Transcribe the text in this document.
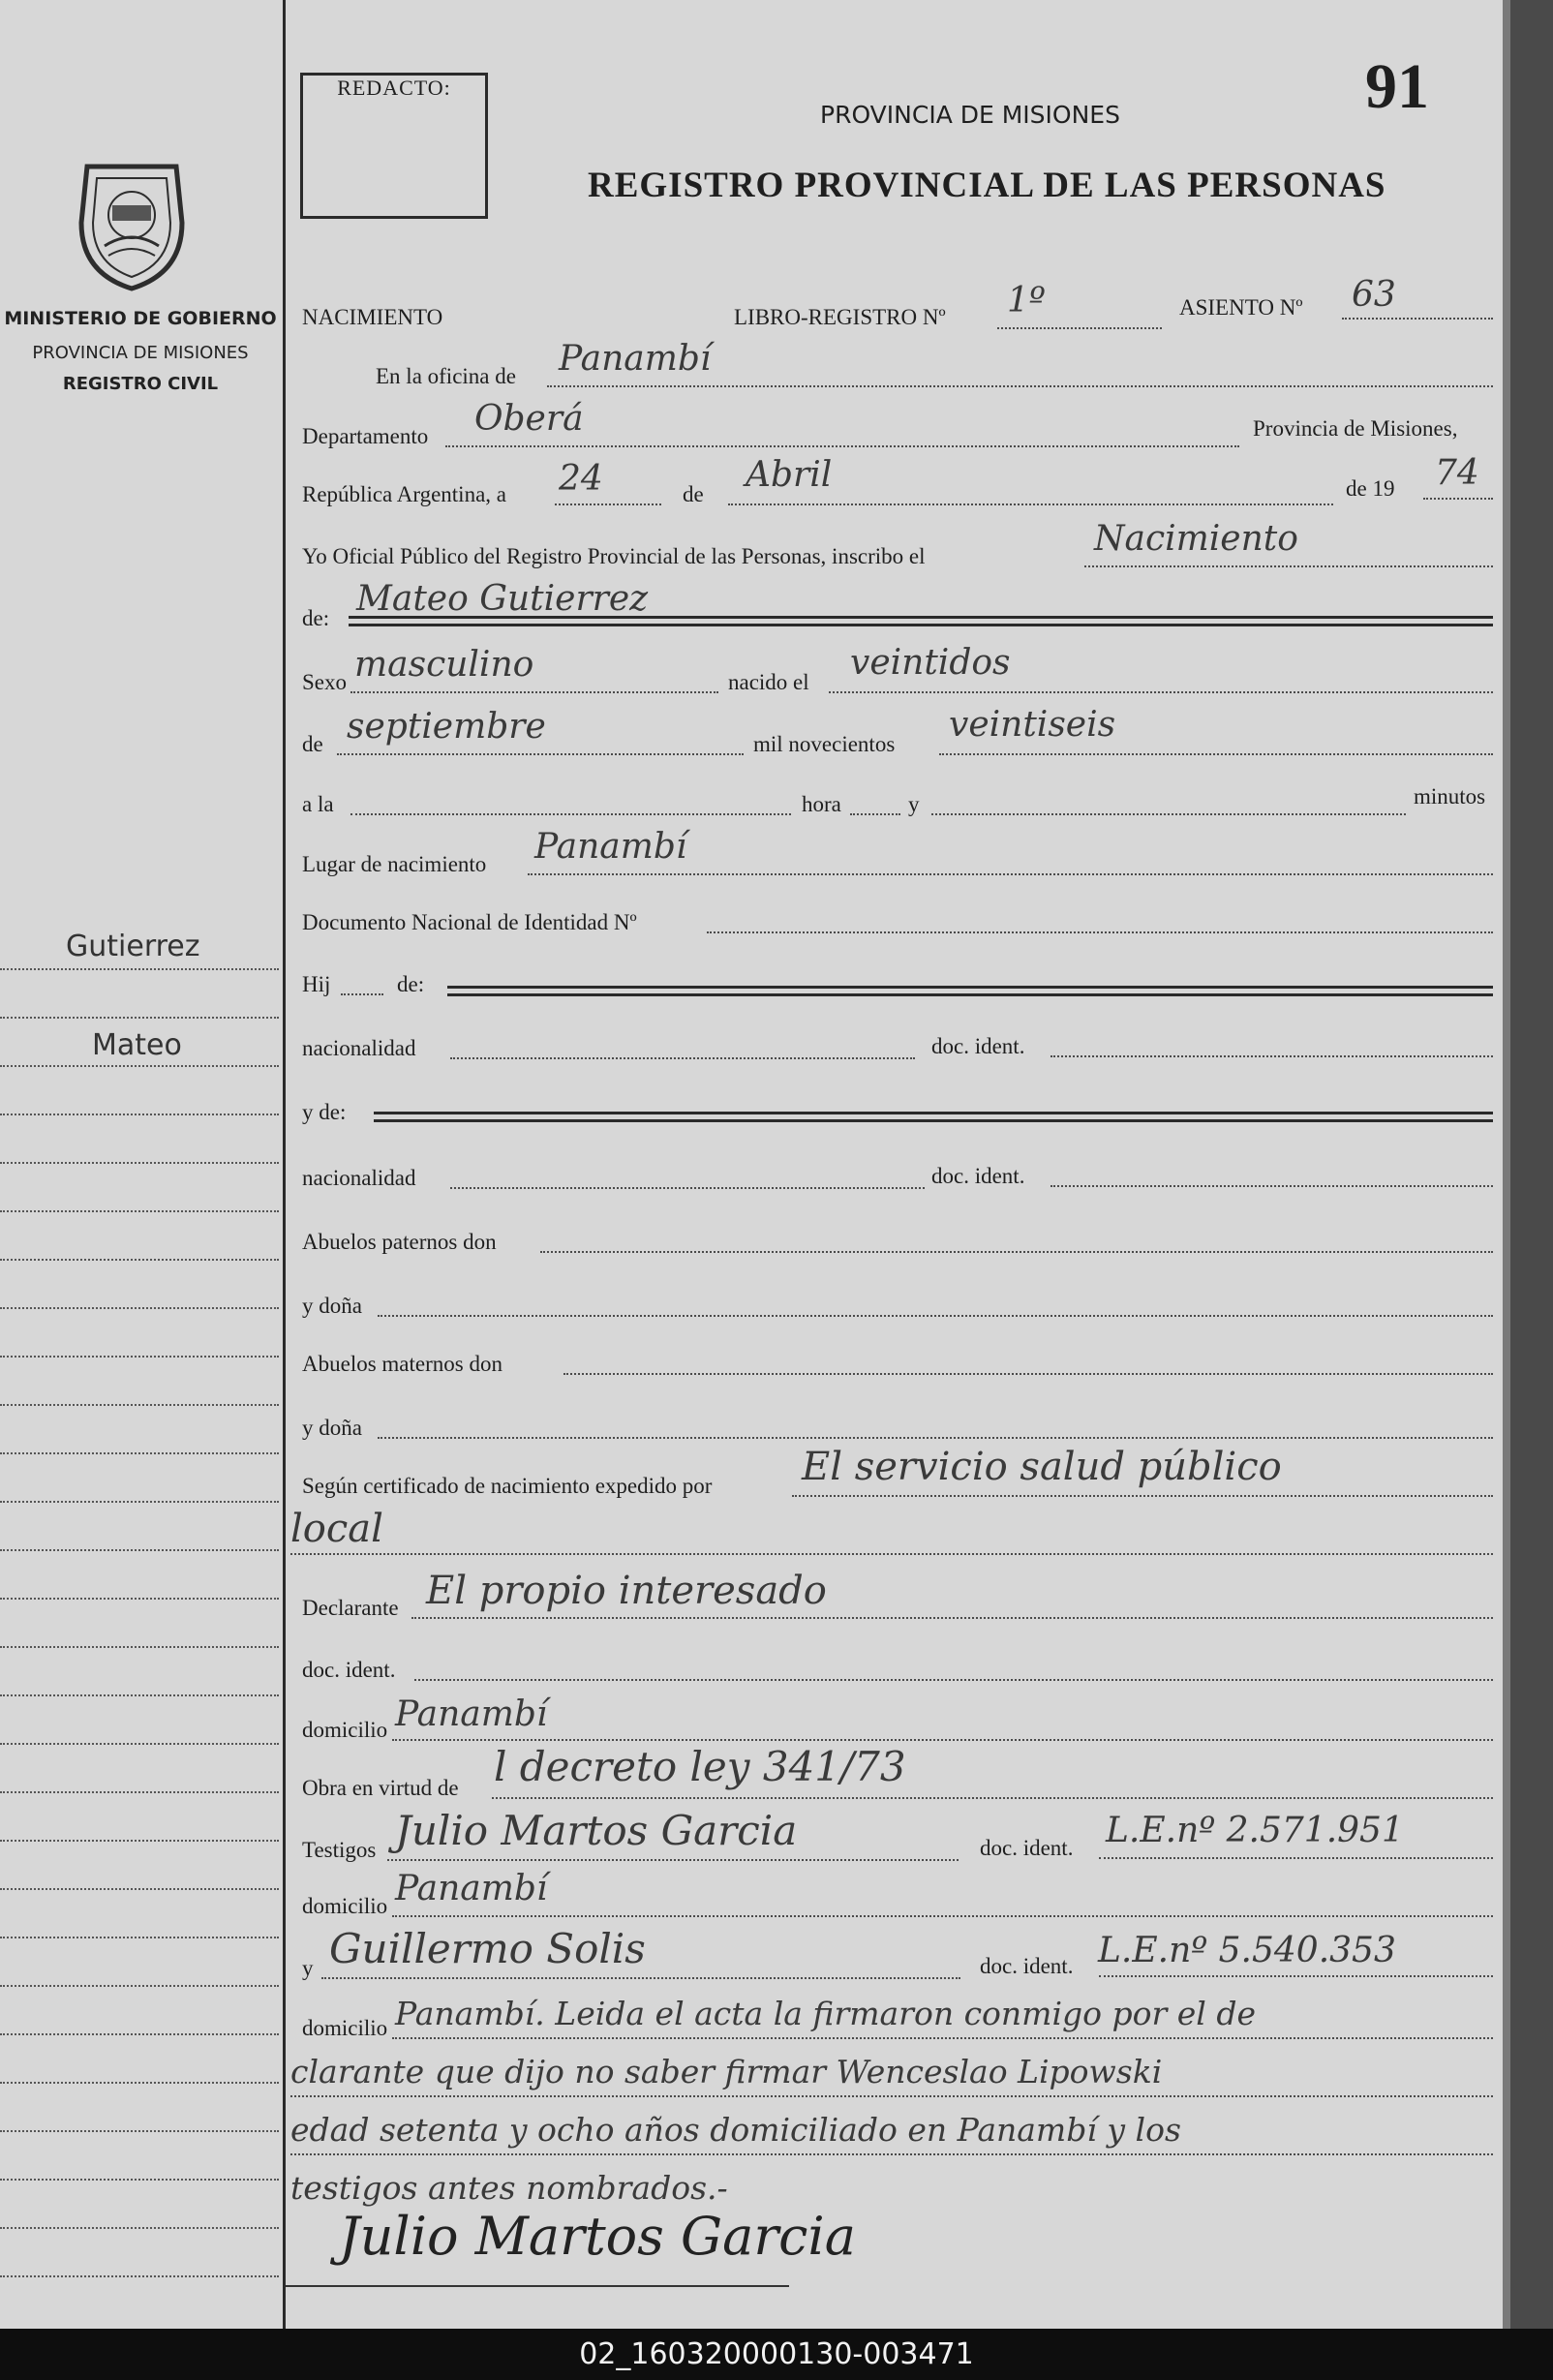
MINISTERIO DE GOBIERNO
PROVINCIA DE MISIONES
REGISTRO CIVIL
Gutierrez
Mateo
REDACTO:	91
PROVINCIA DE MISIONES
REGISTRO PROVINCIAL DE LAS PERSONAS
NACIMIENTO	LIBRO-REGISTRO Nº 1º	ASIENTO Nº 63
En la oficina de Panambí
Departamento Oberá	Provincia de Misiones,
República Argentina, a 24	de Abril	de 19 74
Yo Oficial Público del Registro Provincial de las Personas, inscribo el	Nacimiento
de: Mateo Gutierrez
Sexo masculino	nacido el veintidos
de septiembre	mil novecientos veintiseis
a la	hora	y	minutos
Lugar de nacimiento Panambí
Documento Nacional de Identidad Nº
Hij	de:
nacionalidad	doc. ident.
y de:
nacionalidad	doc. ident.
Abuelos paternos don
y doña
Abuelos maternos don
y doña
Según certificado de nacimiento expedido por El servicio salud público
local
Declarante El propio interesado
doc. ident.
domicilio Panambí
Obra en virtud de l decreto ley 341/73
Testigos Julio Martos Garcia	doc. ident. L.E.nº 2.571.951
domicilio Panambí
y Guillermo Solis	doc. ident. L.E.nº 5.540.353
domicilio Panambí. Leida el acta la firmaron conmigo por el de
clarante que dijo no saber firmar Wenceslao Lipowski
edad setenta y ocho años domiciliado en Panambí y los
testigos antes nombrados.-
Julio Martos Garcia
02_160320000130-003471
